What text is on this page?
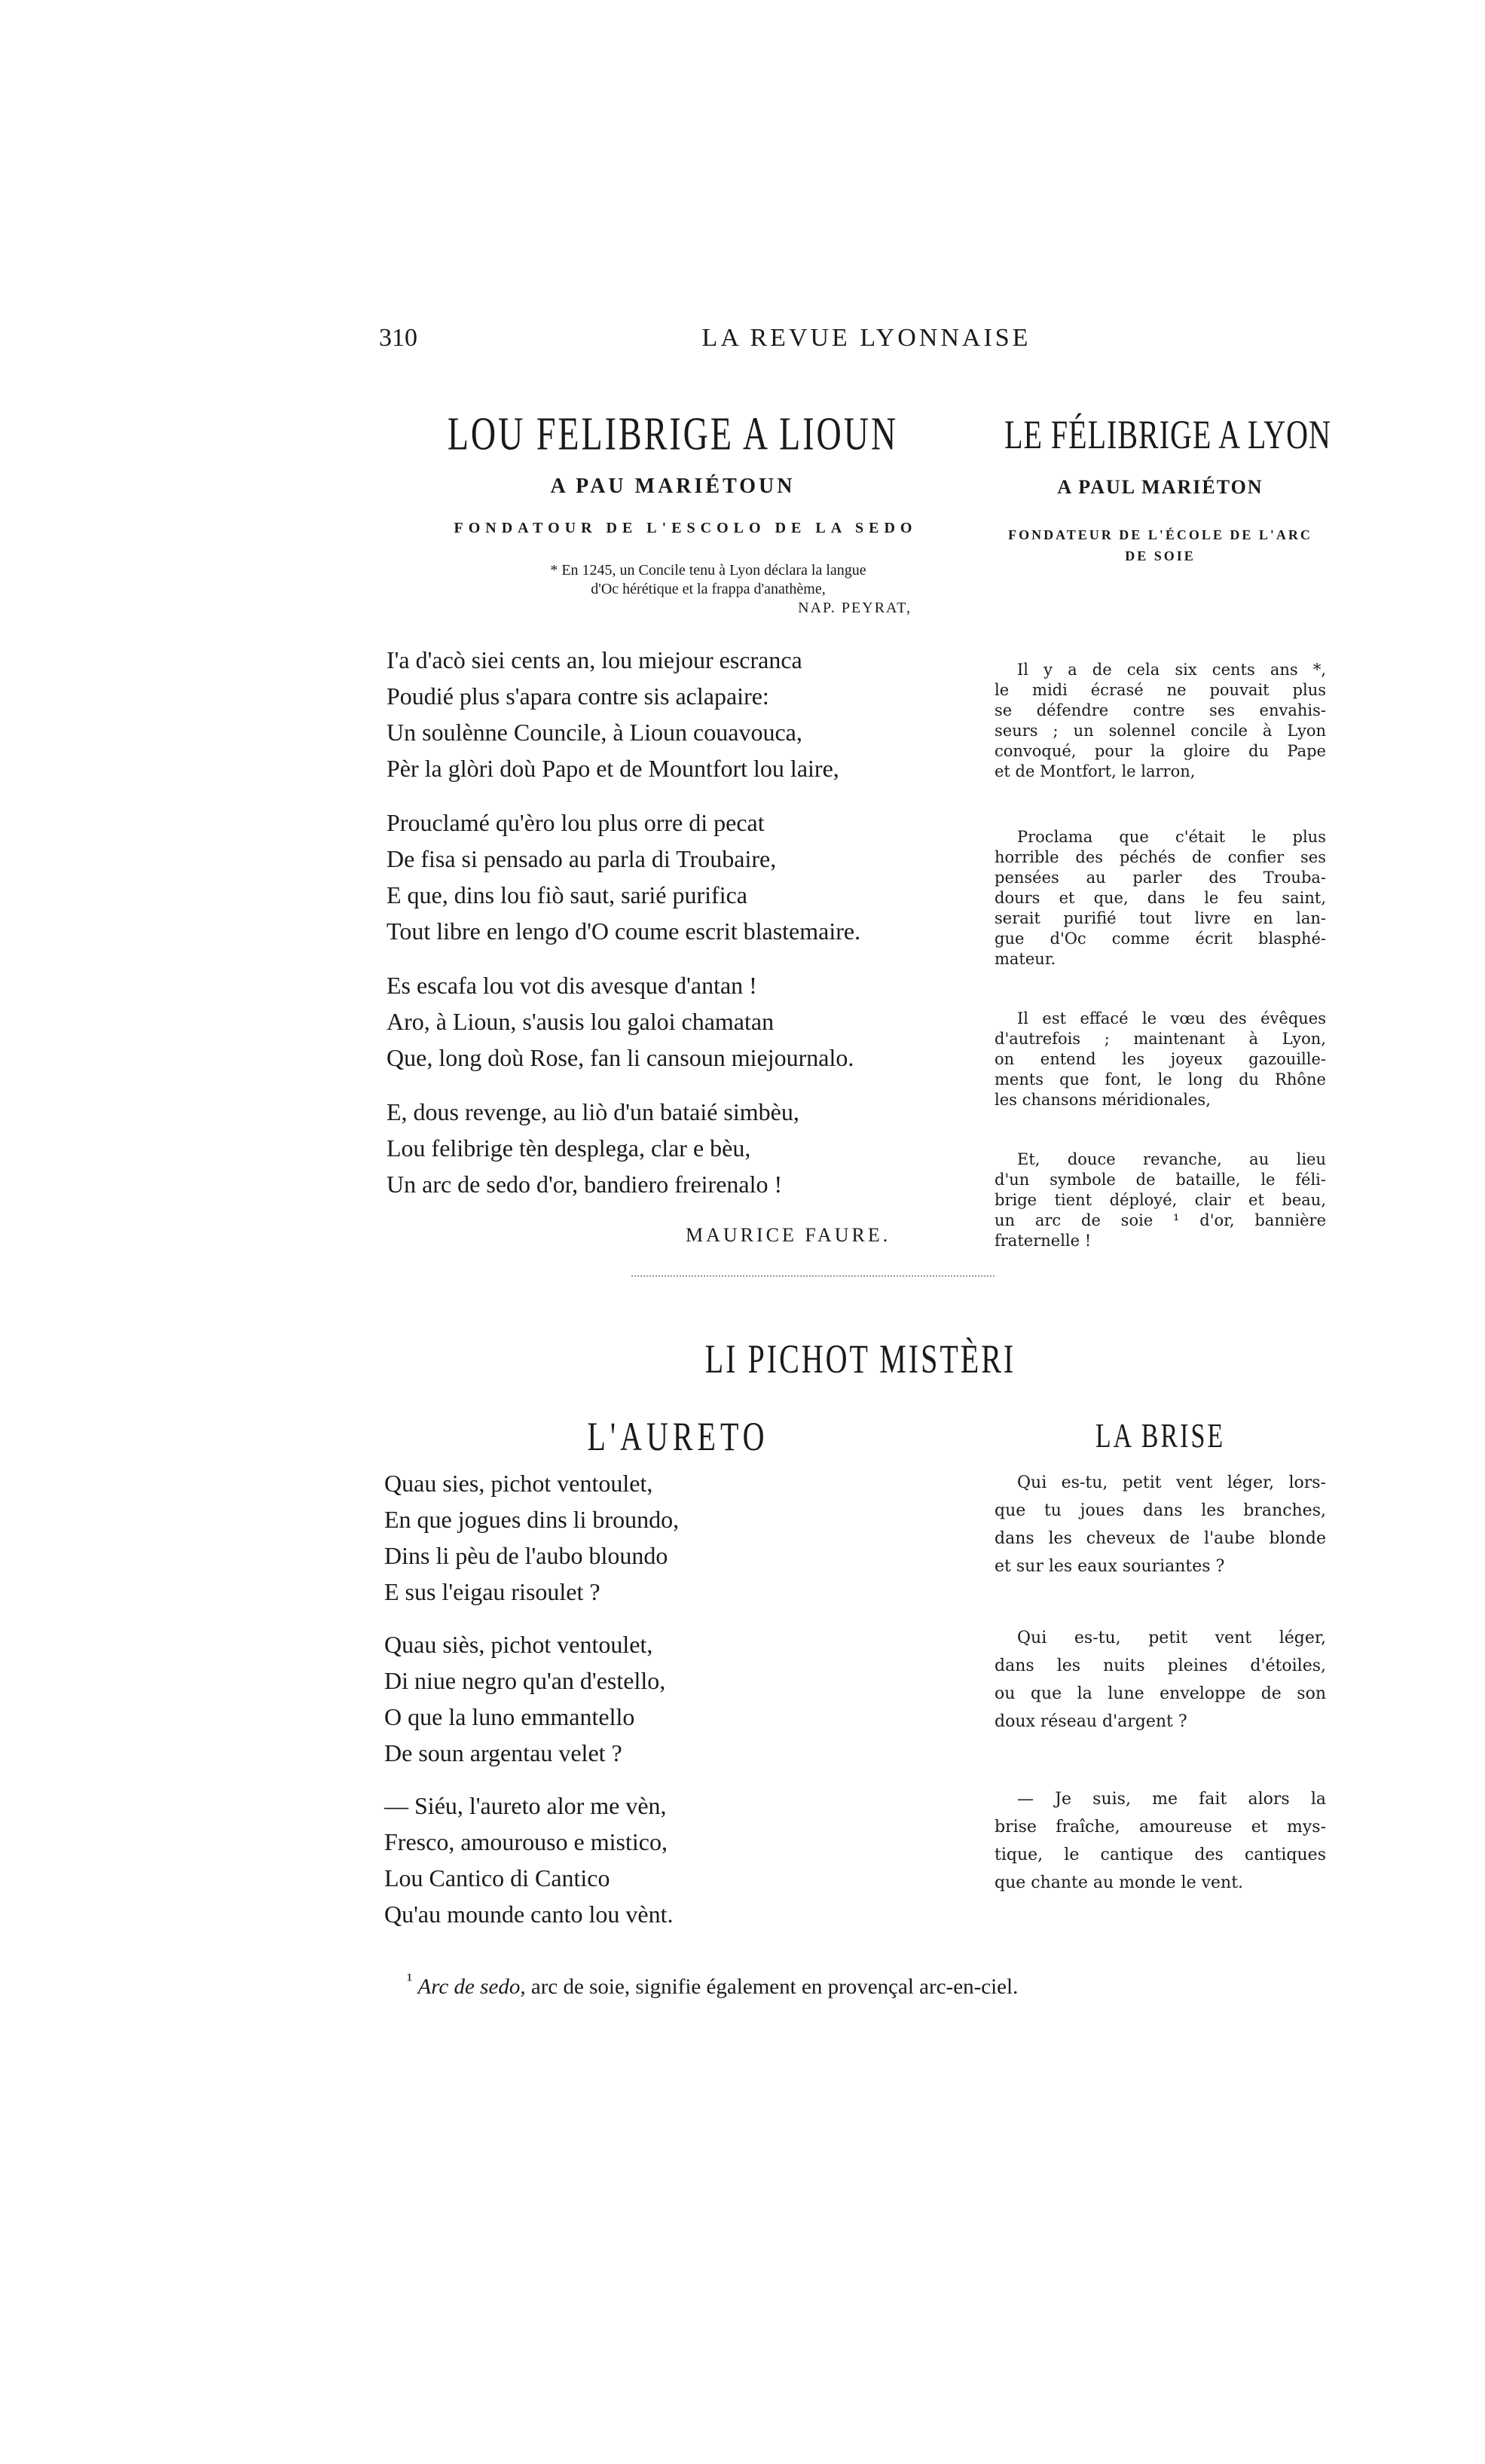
310	LA REVUE LYONNAISE
LOU FELIBRIGE A LIOUN
A PAU MARIÉTOUN
FONDATOUR DE L'ESCOLO DE LA SEDO
* En 1245, un Concile tenu à Lyon déclara la langue
d'Oc hérétique et la frappa d'anathème,
NAP. PEYRAT,
I'a d'acò siei cents an, lou miejour escranca
Poudié plus s'apara contre sis aclapaire:
Un soulènne Councile, à Lioun couavouca,
Pèr la glòri doù Papo et de Mountfort lou laire,
Prouclamé qu'èro lou plus orre di pecat
De fisa si pensado au parla di Troubaire,
E que, dins lou fiò saut, sarié purifica
Tout libre en lengo d'O coume escrit blastemaire.
Es escafa lou vot dis avesque d'antan !
Aro, à Lioun, s'ausis lou galoi chamatan
Que, long doù Rose, fan li cansoun miejournalo.
E, dous revenge, au liò d'un bataié simbèu,
Lou felibrige tèn desplega, clar e bèu,
Un arc de sedo d'or, bandiero freirenalo !
MAURICE FAURE.
LE FÉLIBRIGE A LYON
A PAUL MARIÉTON
FONDATEUR DE L'ÉCOLE DE L'ARC
DE SOIE
Il y a de cela six cents ans *,
le midi écrasé ne pouvait plus
se défendre contre ses envahis-
seurs ; un solennel concile à Lyon
convoqué, pour la gloire du Pape
et de Montfort, le larron,
Proclama que c'était le plus
horrible des péchés de confier ses
pensées au parler des Trouba-
dours et que, dans le feu saint,
serait purifié tout livre en lan-
gue d'Oc comme écrit blasphé-
mateur.
Il est effacé le vœu des évêques
d'autrefois ; maintenant à Lyon,
on entend les joyeux gazouille-
ments que font, le long du Rhône
les chansons méridionales,
Et, douce revanche, au lieu
d'un symbole de bataille, le féli-
brige tient déployé, clair et beau,
un arc de soie ¹ d'or, bannière
fraternelle !
LI PICHOT MISTÈRI
L'AURETO	LA BRISE
Quau sies, pichot ventoulet,
En que jogues dins li broundo,
Dins li pèu de l'aubo bloundo
E sus l'eigau risoulet ?
Quau siès, pichot ventoulet,
Di niue negro qu'an d'estello,
O que la luno emmantello
De soun argentau velet ?
— Siéu, l'aureto alor me vèn,
Fresco, amourouso e mistico,
Lou Cantico di Cantico
Qu'au mounde canto lou vènt.
Qui es-tu, petit vent léger, lors-
que tu joues dans les branches,
dans les cheveux de l'aube blonde
et sur les eaux souriantes ?
Qui es-tu, petit vent léger,
dans les nuits pleines d'étoiles,
ou que la lune enveloppe de son
doux réseau d'argent ?
— Je suis, me fait alors la
brise fraîche, amoureuse et mys-
tique, le cantique des cantiques
que chante au monde le vent.
$^{^1}$ Arc de sedo, arc de soie, signifie également en provençal arc-en-ciel.
